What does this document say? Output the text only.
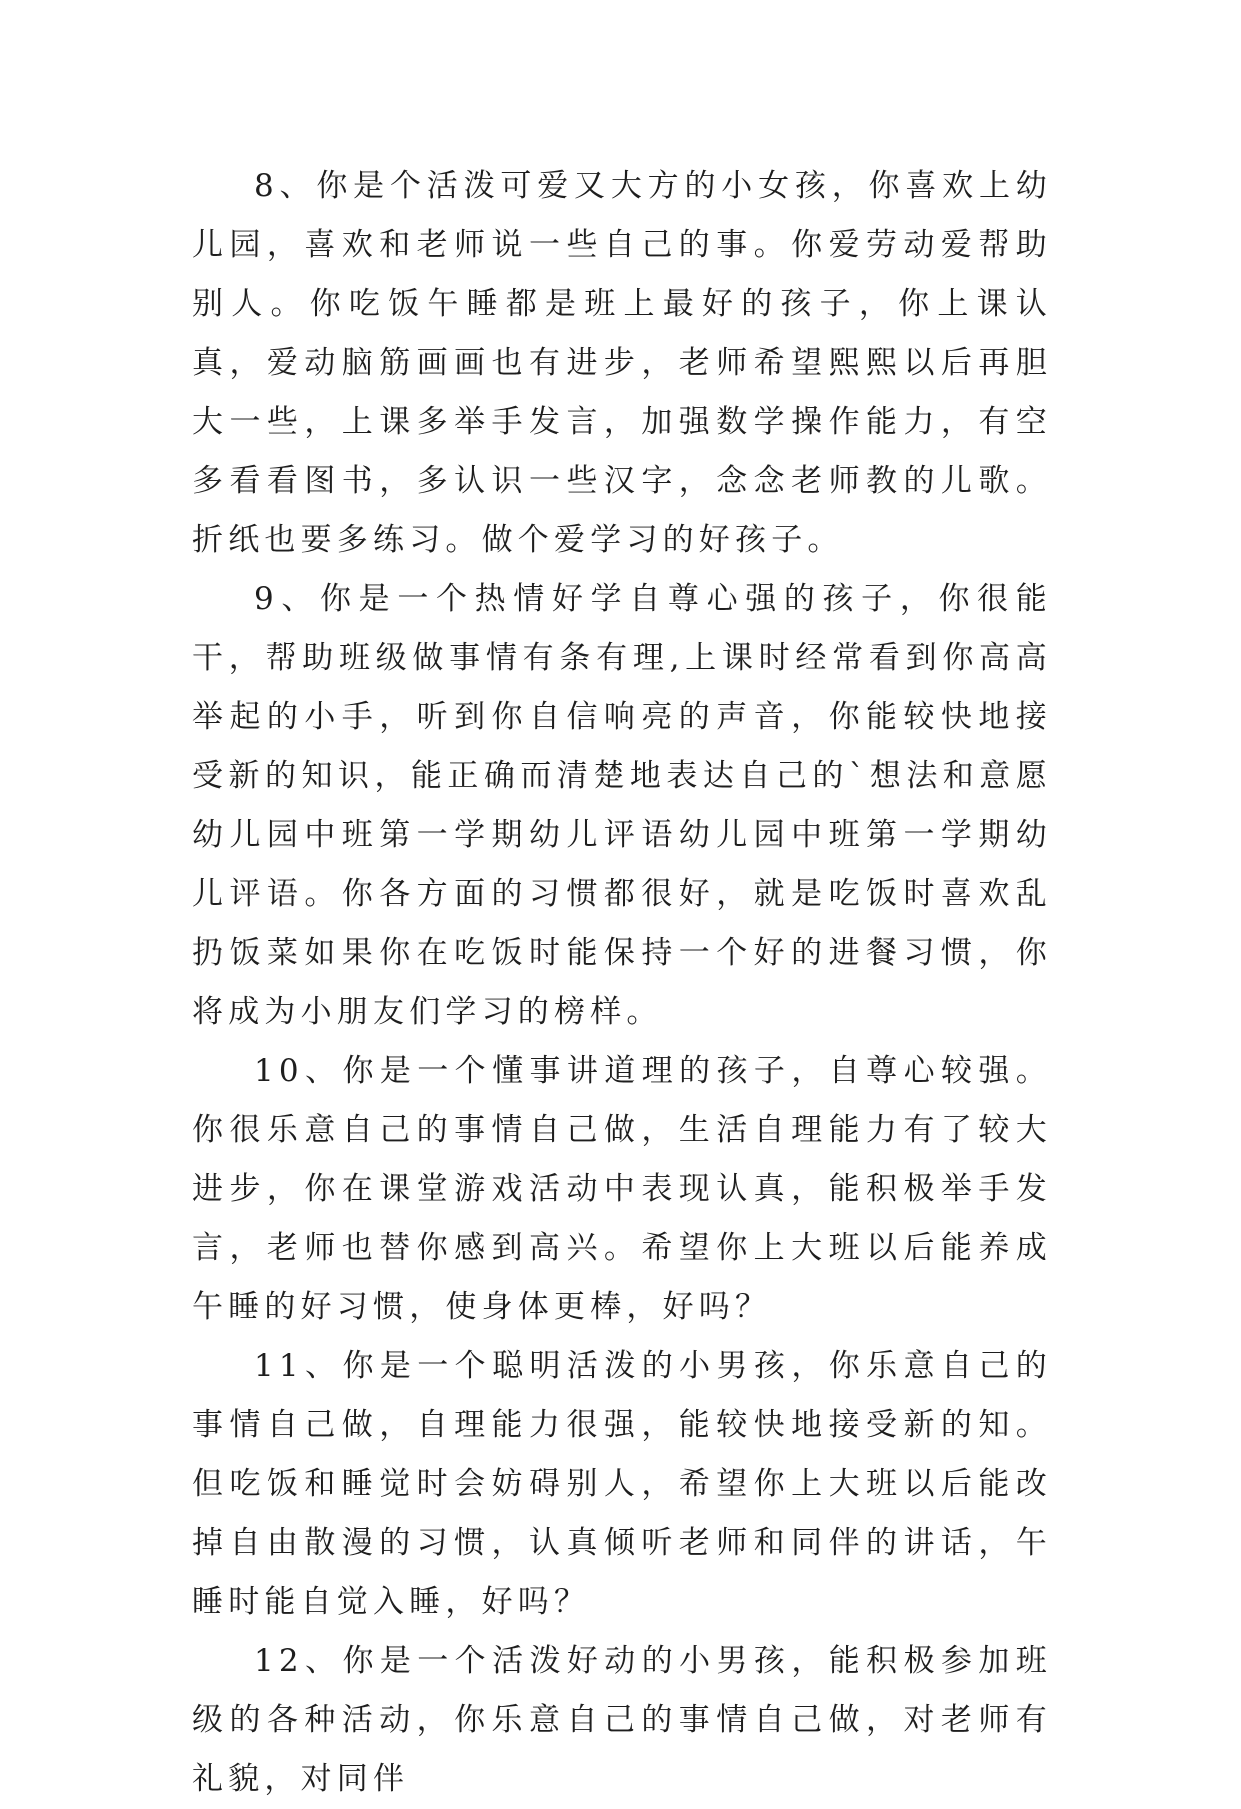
8、你是个活泼可爱又大方的小女孩，你喜欢上幼儿园，喜欢和老师说一些自己的事。你爱劳动爱帮助别人。你吃饭午睡都是班上最好的孩子，你上课认真，爱动脑筋画画也有进步，老师希望熙熙以后再胆大一些，上课多举手发言，加强数学操作能力，有空多看看图书，多认识一些汉字，念念老师教的儿歌。折纸也要多练习。做个爱学习的好孩子。

9、你是一个热情好学自尊心强的孩子，你很能干，帮助班级做事情有条有理,上课时经常看到你高高举起的小手，听到你自信响亮的声音，你能较快地接受新的知识，能正确而清楚地表达自己的`想法和意愿幼儿园中班第一学期幼儿评语幼儿园中班第一学期幼儿评语。你各方面的习惯都很好，就是吃饭时喜欢乱扔饭菜如果你在吃饭时能保持一个好的进餐习惯，你将成为小朋友们学习的榜样。

10、你是一个懂事讲道理的孩子，自尊心较强。你很乐意自己的事情自己做，生活自理能力有了较大进步，你在课堂游戏活动中表现认真，能积极举手发言，老师也替你感到高兴。希望你上大班以后能养成午睡的好习惯，使身体更棒，好吗？

11、你是一个聪明活泼的小男孩，你乐意自己的事情自己做，自理能力很强，能较快地接受新的知。但吃饭和睡觉时会妨碍别人，希望你上大班以后能改掉自由散漫的习惯，认真倾听老师和同伴的讲话，午睡时能自觉入睡，好吗？

12、你是一个活泼好动的小男孩，能积极参加班级的各种活动，你乐意自己的事情自己做，对老师有礼貌，对同伴
